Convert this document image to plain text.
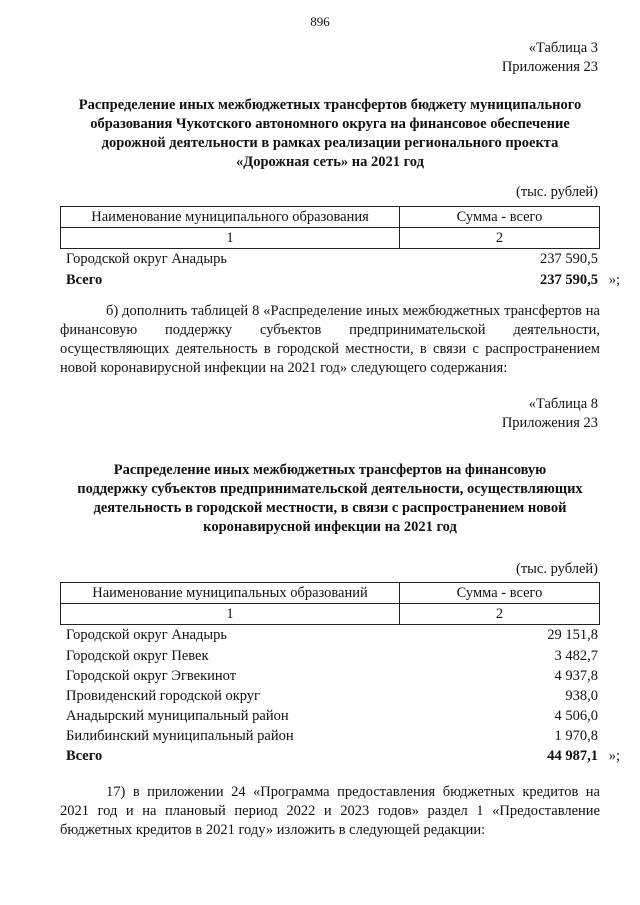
896
«Таблица 3
Приложения 23
Распределение иных межбюджетных трансфертов бюджету муниципального
образования Чукотского автономного округа на финансовое обеспечение
дорожной деятельности в рамках реализации регионального проекта
«Дорожная сеть» на 2021 год
(тыс. рублей)
Наименование муниципального образования	Сумма - всего
1	2
Городской округ Анадырь	237 590,5
Всего	237 590,5 »;

б) дополнить таблицей 8 «Распределение иных межбюджетных трансфертов на финансовую поддержку субъектов предпринимательской деятельности, осуществляющих деятельность в городской местности, в связи с распространением новой коронавирусной инфекции на 2021 год» следующего содержания:

«Таблица 8
Приложения 23
Распределение иных межбюджетных трансфертов на финансовую
поддержку субъектов предпринимательской деятельности, осуществляющих
деятельность в городской местности, в связи с распространением новой
коронавирусной инфекции на 2021 год
(тыс. рублей)
Наименование муниципальных образований	Сумма - всего
1	2
Городской округ Анадырь	29 151,8
Городской округ Певек	3 482,7
Городской округ Эгвекинот	4 937,8
Провиденский городской округ	938,0
Анадырский муниципальный район	4 506,0
Билибинский муниципальный район	1 970,8
Всего	44 987,1 »;

17) в приложении 24 «Программа предоставления бюджетных кредитов на 2021 год и на плановый период 2022 и 2023 годов» раздел 1 «Предоставление бюджетных кредитов в 2021 году» изложить в следующей редакции:
